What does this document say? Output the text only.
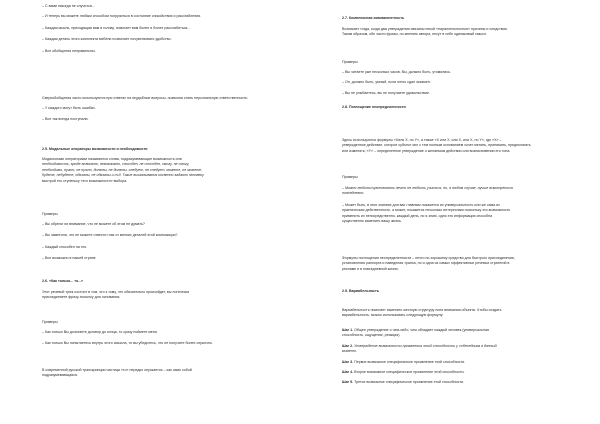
– С вами никогда не случится...

– И теперь вы можете любым способом погрузиться в состояние спокойствия и расслабления.

– Каждая мысль, приходящая вам в голову, помогает вам более и более расслабиться...

– Каждая деталь этого комплекта мебели позволяет почувствовать удобство.

– Все обобщения неправильны.

Сверхобобщения часто используются при ответах на неудобные вопросы, позволяя снять персональную ответственность:

– У каждого могут быть ошибки.

– Все так всегда поступали.

2.5. Модальные операторы возможности и необходимости

Модальными операторами называются слова, подразумевающие возможность или

необходимость, вроде возможно, невозможно, способен, не способен, смогу, не смогу,

необходимо, нужно, не нужно, должны, не должны, следует, не следует, можете, не можете,

будете, небудете, обязаны, не обязаны и т.д. Такие высказывания косвенно задают человеку

выстрой его ступеньку «его возможности» выбора.

Примеры

– Вы обрели ли внимание, что не можете об этом не думать?

– Вы заметили, что не можете отвести глаз от мелких деталей этой композиции?

– Каждый способен на это.

– Все возможно в нашей стране

2.6. «Как только... то...»

Этот речевой трюк состоит в том, что к тому, что обязательно произойдет, вы логически

присоединяете фразу-посылку для основания.

Примеры

– Как только Вы дочитаете договор до конца, то сразу поймете меня.

– Как только Вы попытаетесь внутрь этого смысла, то вы убедитесь, что не получите более серьезно.

В современной русской транскрипции частица «то» нередко опускается – как само собой

подразумевающаяся.

2.7. Комплексная эквивалентность

Возникает тогда, когда два утверждения связаны некой «параллельностью» причины и следствия.

Таким образом, обе части фразы, по мнению автора, несут в себе одинаковый смысл.

Примеры

– Вы читаете уже несколько часов. Вы, должно быть, утомились.

– Он, должно быть, умный, если легко сдал экзамен.

– Вы не улыбаетесь, вы не получаете удовольствие.

2.8. Поглощение неопределенности

Здесь используются формулы «Хиля X, но Y», а также «X или X, или X, или X, но Y», где «X» –

утвержденное действие, которое субъект мог с тем полным основанием хочет менять, принимать, предполагать

или изменять; «Y» – определенное утверждение о желаемом действии или возникновении его тона.

Примеры

– Можно любить/чувствовать нечто не любить учиться, но, в любом случае, лучше всмотреться

повседневно.

– Может быть, в этих знаниях для вас главным покажется их универсальность или же сама их

практическая действенность, а может, покажется несколько интересным поскольку это возможность

применить их непосредственно, каждый день, но я знаю, одно это информация способна

существенно изменить вашу жизнь.

Формулы поглощения неопределенности – нечто по-хорошему средство для быстрого присоединения,

установления раппорта и наведения транса, но и одна из самых эффективных речевых стратегий в

рекламе и в повседневной жизни.

2.9. Вариабельность

Вариабельность помогает изменить жесткую структуру поля внимания объекта. Чтобы создать

вариабельность, можно использовать следующую формулу:

Шаг 1. Общее утверждение о чем-либо, чем обладает каждый человек (универсальная

способность, ощущение, реакция).

Шаг 2. Утверждение возможности проявления этой способности у собеседника в данный

момент.

Шаг 3. Первое возможное специфическое проявление этой способности.

Шаг 4. Второе возможное специфическое проявление этой способности.

Шаг 5. Третье возможное специфическое проявление этой способности.
